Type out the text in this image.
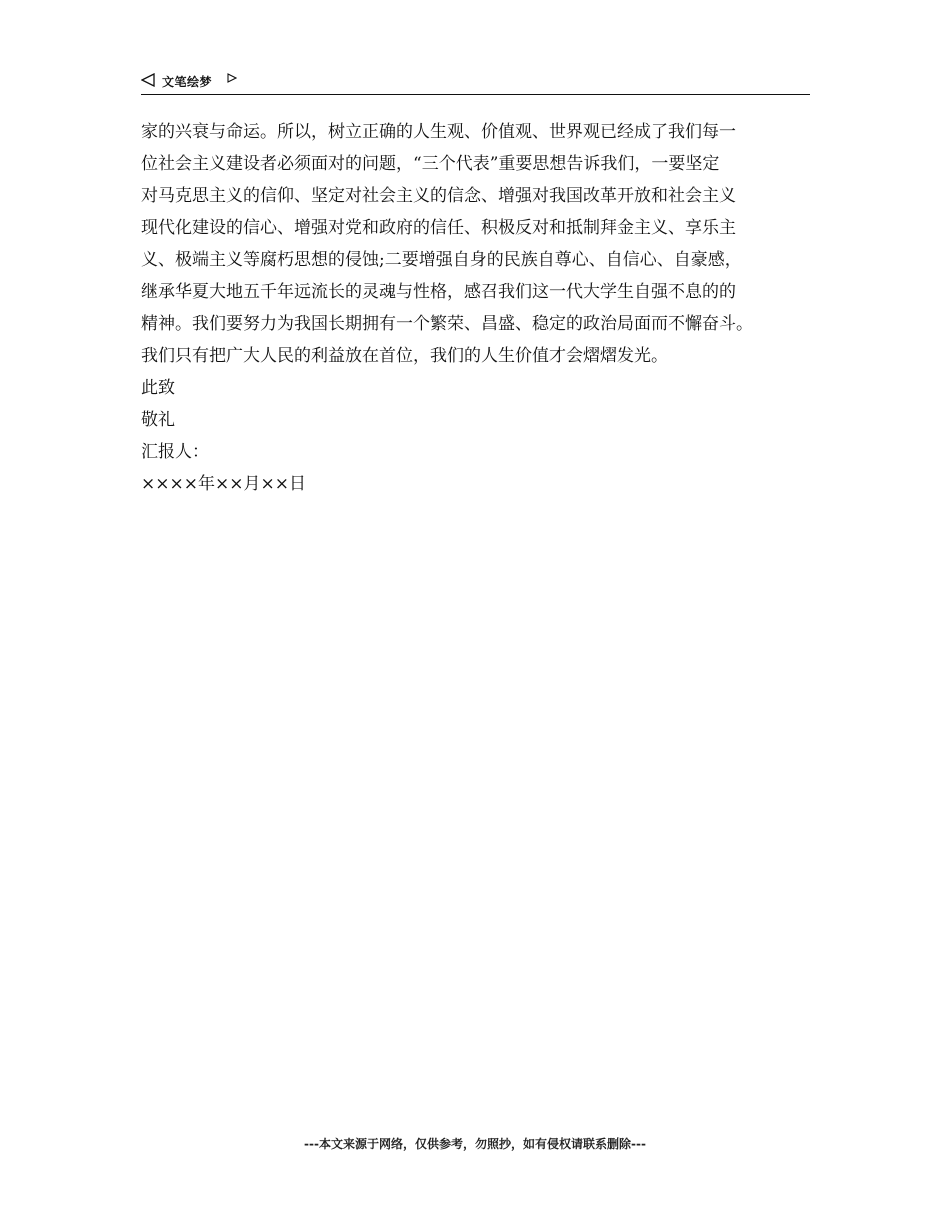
文笔绘梦
家的兴衰与命运。所以，树立正确的人生观、价值观、世界观已经成了我们每一
位社会主义建设者必须面对的问题，“三个代表”重要思想告诉我们，一要坚定
对马克思主义的信仰、坚定对社会主义的信念、增强对我国改革开放和社会主义
现代化建设的信心、增强对党和政府的信任、积极反对和抵制拜金主义、享乐主
义、极端主义等腐朽思想的侵蚀;二要增强自身的民族自尊心、自信心、自豪感，
继承华夏大地五千年远流长的灵魂与性格，感召我们这一代大学生自强不息的的
精神。我们要努力为我国长期拥有一个繁荣、昌盛、稳定的政治局面而不懈奋斗。
我们只有把广大人民的利益放在首位，我们的人生价值才会熠熠发光。
此致
敬礼
汇报人：
××××年××月××日
---本文来源于网络，仅供参考，勿照抄，如有侵权请联系删除---
